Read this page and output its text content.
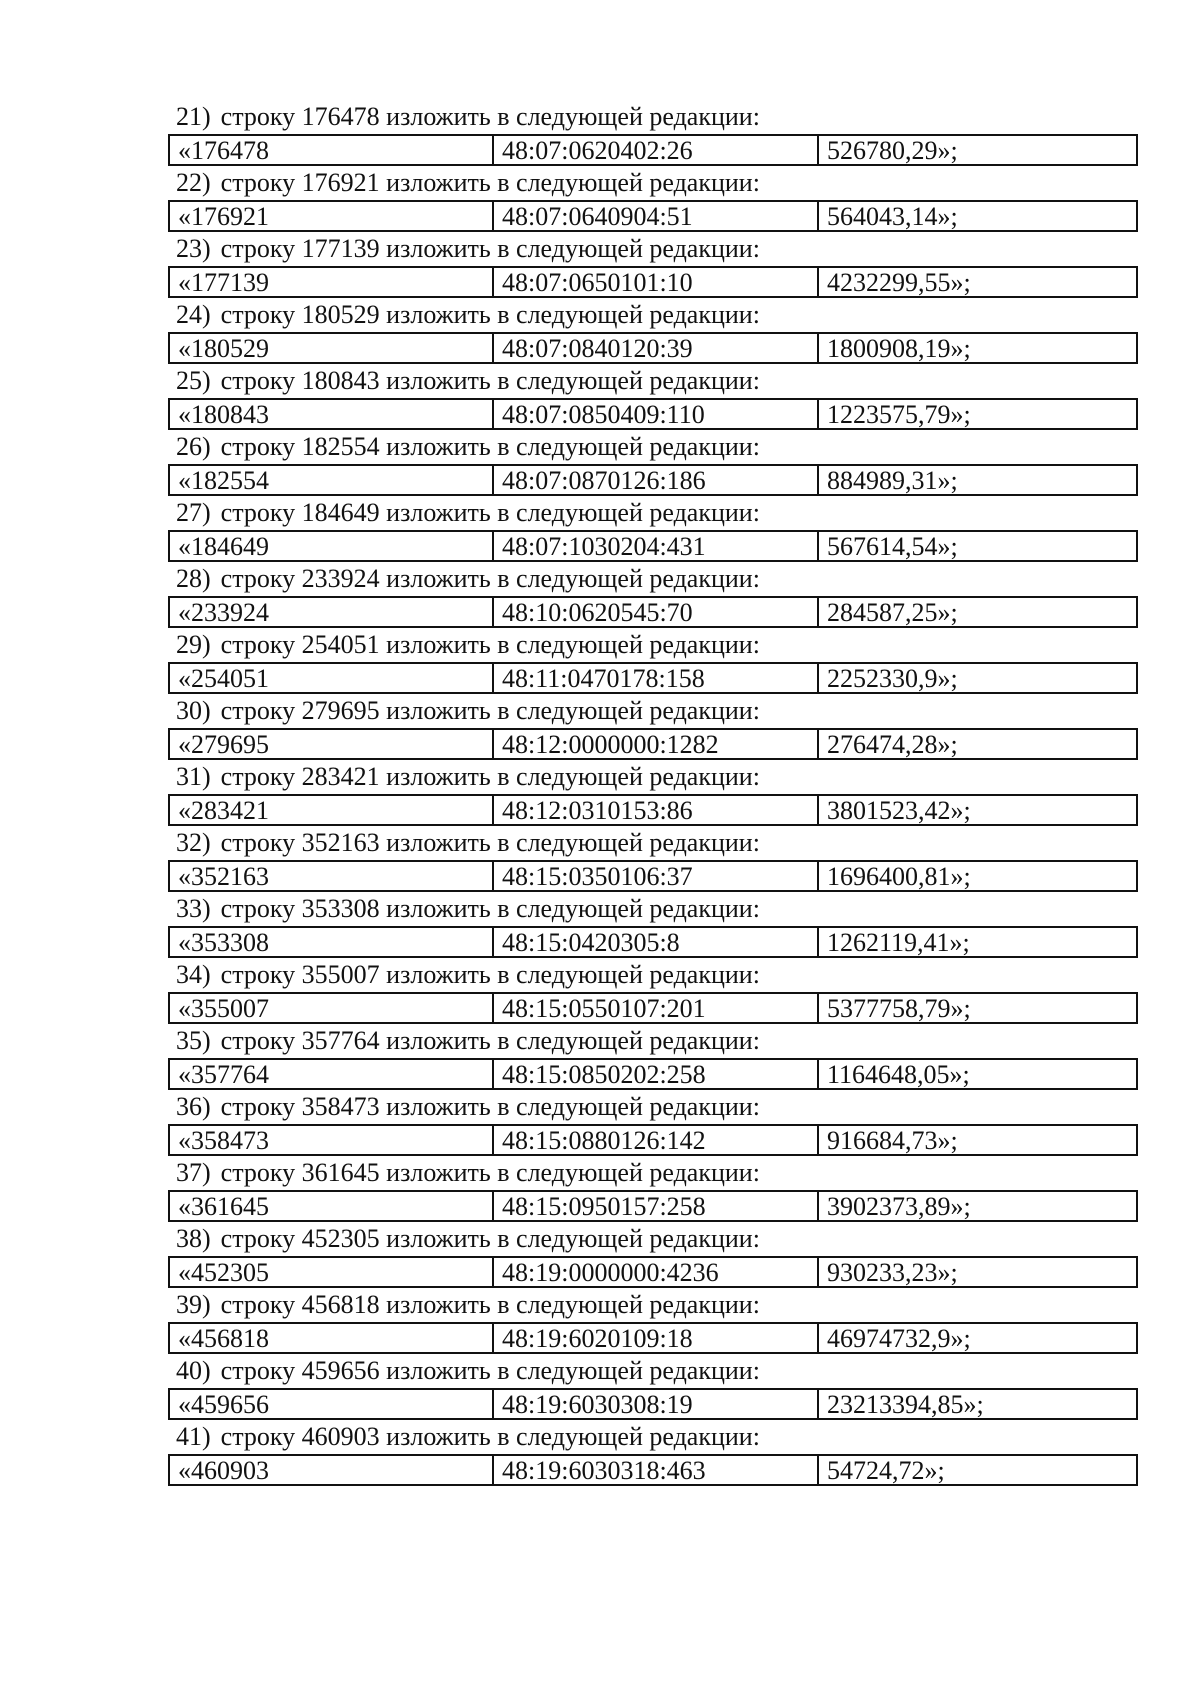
21) строку 176478 изложить в следующей редакции:
«176478	48:07:0620402:26	526780,29»;
22) строку 176921 изложить в следующей редакции:
«176921	48:07:0640904:51	564043,14»;
23) строку 177139 изложить в следующей редакции:
«177139	48:07:0650101:10	4232299,55»;
24) строку 180529 изложить в следующей редакции:
«180529	48:07:0840120:39	1800908,19»;
25) строку 180843 изложить в следующей редакции:
«180843	48:07:0850409:110	1223575,79»;
26) строку 182554 изложить в следующей редакции:
«182554	48:07:0870126:186	884989,31»;
27) строку 184649 изложить в следующей редакции:
«184649	48:07:1030204:431	567614,54»;
28) строку 233924 изложить в следующей редакции:
«233924	48:10:0620545:70	284587,25»;
29) строку 254051 изложить в следующей редакции:
«254051	48:11:0470178:158	2252330,9»;
30) строку 279695 изложить в следующей редакции:
«279695	48:12:0000000:1282	276474,28»;
31) строку 283421 изложить в следующей редакции:
«283421	48:12:0310153:86	3801523,42»;
32) строку 352163 изложить в следующей редакции:
«352163	48:15:0350106:37	1696400,81»;
33) строку 353308 изложить в следующей редакции:
«353308	48:15:0420305:8	1262119,41»;
34) строку 355007 изложить в следующей редакции:
«355007	48:15:0550107:201	5377758,79»;
35) строку 357764 изложить в следующей редакции:
«357764	48:15:0850202:258	1164648,05»;
36) строку 358473 изложить в следующей редакции:
«358473	48:15:0880126:142	916684,73»;
37) строку 361645 изложить в следующей редакции:
«361645	48:15:0950157:258	3902373,89»;
38) строку 452305 изложить в следующей редакции:
«452305	48:19:0000000:4236	930233,23»;
39) строку 456818 изложить в следующей редакции:
«456818	48:19:6020109:18	46974732,9»;
40) строку 459656 изложить в следующей редакции:
«459656	48:19:6030308:19	23213394,85»;
41) строку 460903 изложить в следующей редакции:
«460903	48:19:6030318:463	54724,72»;
